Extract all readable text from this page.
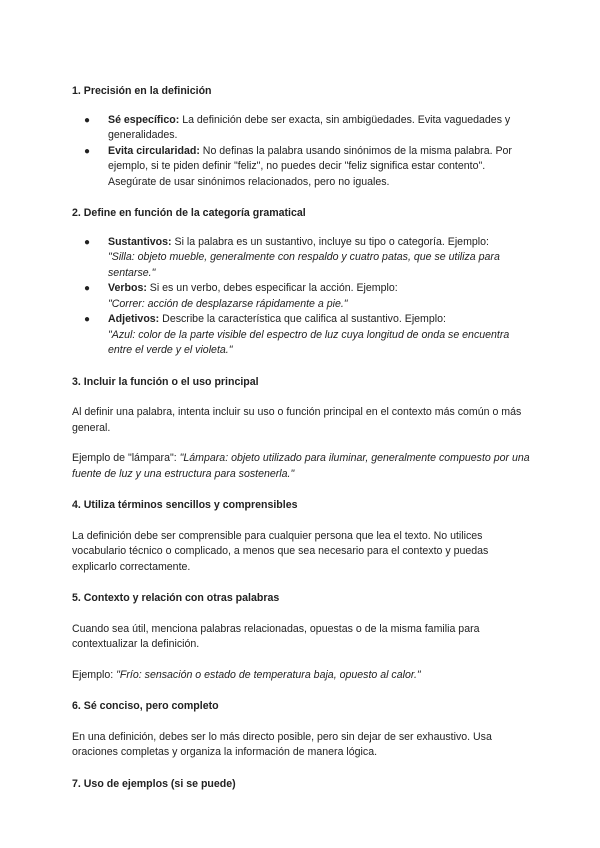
1. Precisión en la definición
● Sé específico: La definición debe ser exacta, sin ambigüedades. Evita vaguedades y generalidades.
● Evita circularidad: No definas la palabra usando sinónimos de la misma palabra. Por ejemplo, si te piden definir "feliz", no puedes decir "feliz significa estar contento". Asegúrate de usar sinónimos relacionados, pero no iguales.
2. Define en función de la categoría gramatical
● Sustantivos: Si la palabra es un sustantivo, incluye su tipo o categoría. Ejemplo:
"Silla: objeto mueble, generalmente con respaldo y cuatro patas, que se utiliza para sentarse."
● Verbos: Si es un verbo, debes especificar la acción. Ejemplo:
"Correr: acción de desplazarse rápidamente a pie."
● Adjetivos: Describe la característica que califica al sustantivo. Ejemplo:
"Azul: color de la parte visible del espectro de luz cuya longitud de onda se encuentra entre el verde y el violeta."
3. Incluir la función o el uso principal

Al definir una palabra, intenta incluir su uso o función principal en el contexto más común o más general.

Ejemplo de "lámpara": "Lámpara: objeto utilizado para iluminar, generalmente compuesto por una fuente de luz y una estructura para sostenerla."

4. Utiliza términos sencillos y comprensibles

La definición debe ser comprensible para cualquier persona que lea el texto. No utilices vocabulario técnico o complicado, a menos que sea necesario para el contexto y puedas explicarlo correctamente.

5. Contexto y relación con otras palabras

Cuando sea útil, menciona palabras relacionadas, opuestas o de la misma familia para contextualizar la definición.

Ejemplo: "Frío: sensación o estado de temperatura baja, opuesto al calor."

6. Sé conciso, pero completo

En una definición, debes ser lo más directo posible, pero sin dejar de ser exhaustivo. Usa oraciones completas y organiza la información de manera lógica.

7. Uso de ejemplos (si se puede)
